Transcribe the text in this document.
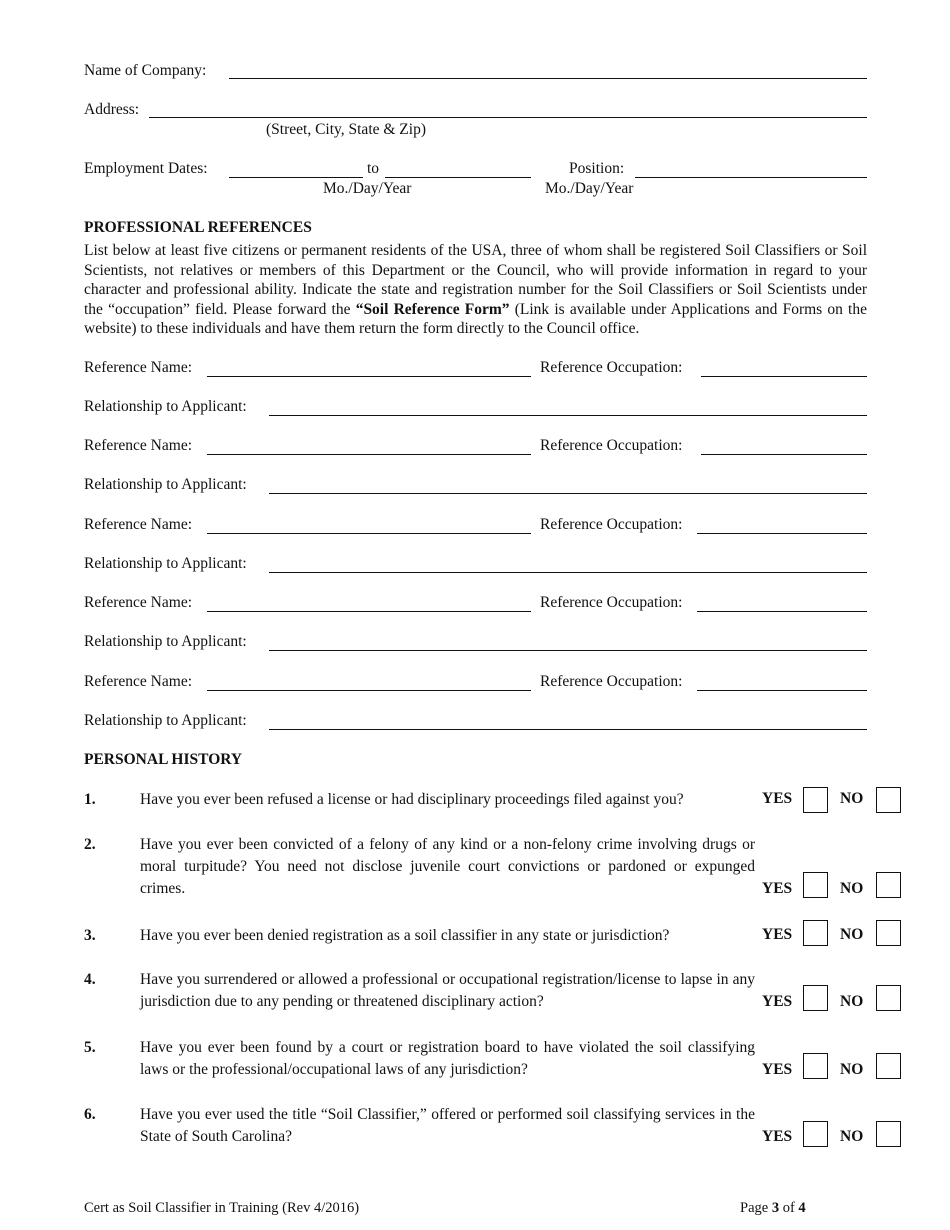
Name of Company:
Address:
(Street, City, State & Zip)
Employment Dates:	to
Mo./Day/Year	Mo./Day/Year
Position:
PROFESSIONAL REFERENCES
List below at least five citizens or permanent residents of the USA, three of whom shall be registered Soil Classifiers or Soil Scientists, not relatives or members of this Department or the Council, who will provide information in regard to your character and professional ability. Indicate the state and registration number for the Soil Classifiers or Soil Scientists under the “occupation” field. Please forward the “Soil Reference Form” (Link is available under Applications and Forms on the website) to these individuals and have them return the form directly to the Council office.
Reference Name:	Reference Occupation:
Relationship to Applicant:
Reference Name:	Reference Occupation:
Relationship to Applicant:
Reference Name:	Reference Occupation:
Relationship to Applicant:
Reference Name:	Reference Occupation:
Relationship to Applicant:
Reference Name:	Reference Occupation:
Relationship to Applicant:
PERSONAL HISTORY
1.	Have you ever been refused a license or had disciplinary proceedings filed against you?	YES	NO
2.	Have you ever been convicted of a felony of any kind or a non-felony crime involving drugs or moral turpitude? You need not disclose juvenile court convictions or pardoned or expunged crimes.	YES	NO
3.	Have you ever been denied registration as a soil classifier in any state or jurisdiction?	YES	NO
4.	Have you surrendered or allowed a professional or occupational registration/license to lapse in any jurisdiction due to any pending or threatened disciplinary action?	YES	NO
5.	Have you ever been found by a court or registration board to have violated the soil classifying laws or the professional/occupational laws of any jurisdiction?	YES	NO
6.	Have you ever used the title “Soil Classifier,” offered or performed soil classifying services in the State of South Carolina?	YES	NO
Cert as Soil Classifier in Training (Rev 4/2016)	Page 3 of 4
